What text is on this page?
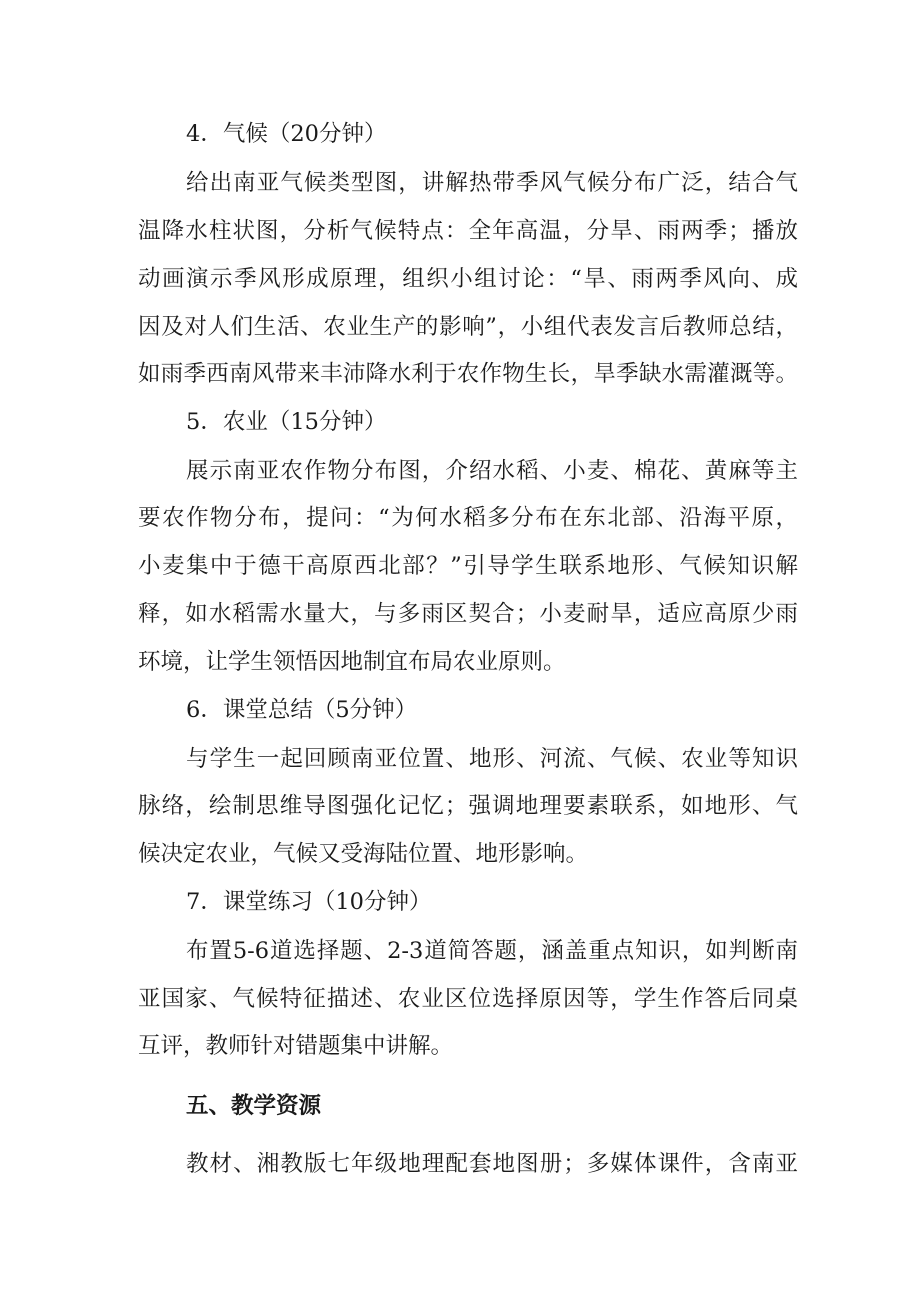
4．气候（20分钟）
给出南亚气候类型图，讲解热带季风气候分布广泛，结合气
温降水柱状图，分析气候特点：全年高温，分旱、雨两季；播放
动画演示季风形成原理，组织小组讨论：“旱、雨两季风向、成
因及对人们生活、农业生产的影响”，小组代表发言后教师总结，
如雨季西南风带来丰沛降水利于农作物生长，旱季缺水需灌溉等。
5．农业（15分钟）
展示南亚农作物分布图，介绍水稻、小麦、棉花、黄麻等主
要农作物分布，提问：“为何水稻多分布在东北部、沿海平原，
小麦集中于德干高原西北部？”引导学生联系地形、气候知识解
释，如水稻需水量大，与多雨区契合；小麦耐旱，适应高原少雨
环境，让学生领悟因地制宜布局农业原则。
6．课堂总结（5分钟）
与学生一起回顾南亚位置、地形、河流、气候、农业等知识
脉络，绘制思维导图强化记忆；强调地理要素联系，如地形、气
候决定农业，气候又受海陆位置、地形影响。
7．课堂练习（10分钟）
布置5-6道选择题、2-3道简答题，涵盖重点知识，如判断南
亚国家、气候特征描述、农业区位选择原因等，学生作答后同桌
互评，教师针对错题集中讲解。
五、教学资源
教材、湘教版七年级地理配套地图册；多媒体课件，含南亚
